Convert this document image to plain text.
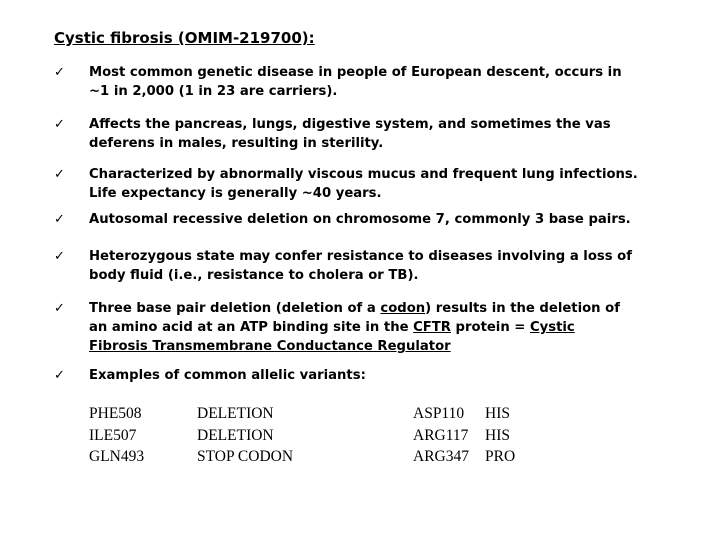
Cystic fibrosis (OMIM-219700):
✓ Most common genetic disease in people of European descent, occurs in
~1 in 2,000 (1 in 23 are carriers).
✓ Affects the pancreas, lungs, digestive system, and sometimes the vas
deferens in males, resulting in sterility.
✓ Characterized by abnormally viscous mucus and frequent lung infections.
Life expectancy is generally ~40 years.
✓ Autosomal recessive deletion on chromosome 7, commonly 3 base pairs.
✓ Heterozygous state may confer resistance to diseases involving a loss of
body fluid (i.e., resistance to cholera or TB).
✓ Three base pair deletion (deletion of a codon) results in the deletion of
an amino acid at an ATP binding site in the CFTR protein = Cystic
Fibrosis Transmembrane Conductance Regulator
✓ Examples of common allelic variants:
PHE508
ILE507
GLN493
DELETION
DELETION
STOP CODON
ASP110
ARG117
ARG347
HIS
HIS
PRO
